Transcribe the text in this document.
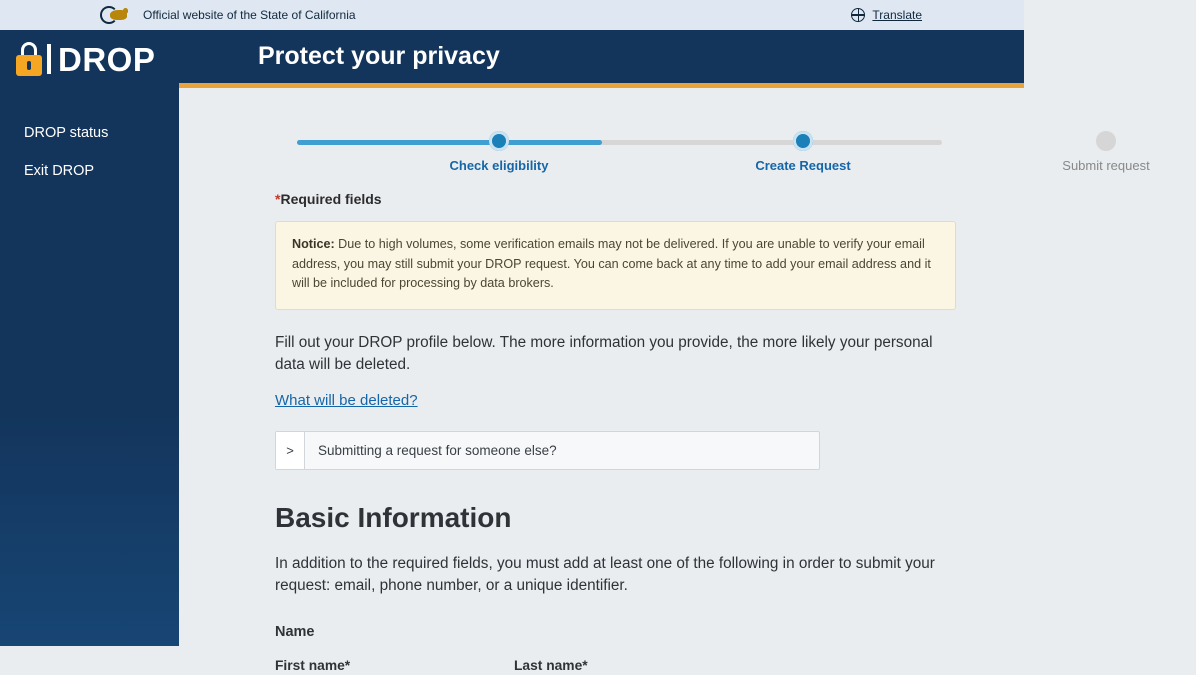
Official website of the State of California	Translate
DROP
DROP status
Exit DROP
Protect your privacy
Check eligibility	Create Request	Submit request
*Required fields
Notice: Due to high volumes, some verification emails may not be delivered. If you are unable to verify your email address, you may still submit your DROP request. You can come back at any time to add your email address and it will be included for processing by data brokers.
Fill out your DROP profile below. The more information you provide, the more likely your personal data will be deleted.
What will be deleted?
>	Submitting a request for someone else?
Basic Information
In addition to the required fields, you must add at least one of the following in order to submit your request: email, phone number, or a unique identifier.
Name
First name*	Last name*
